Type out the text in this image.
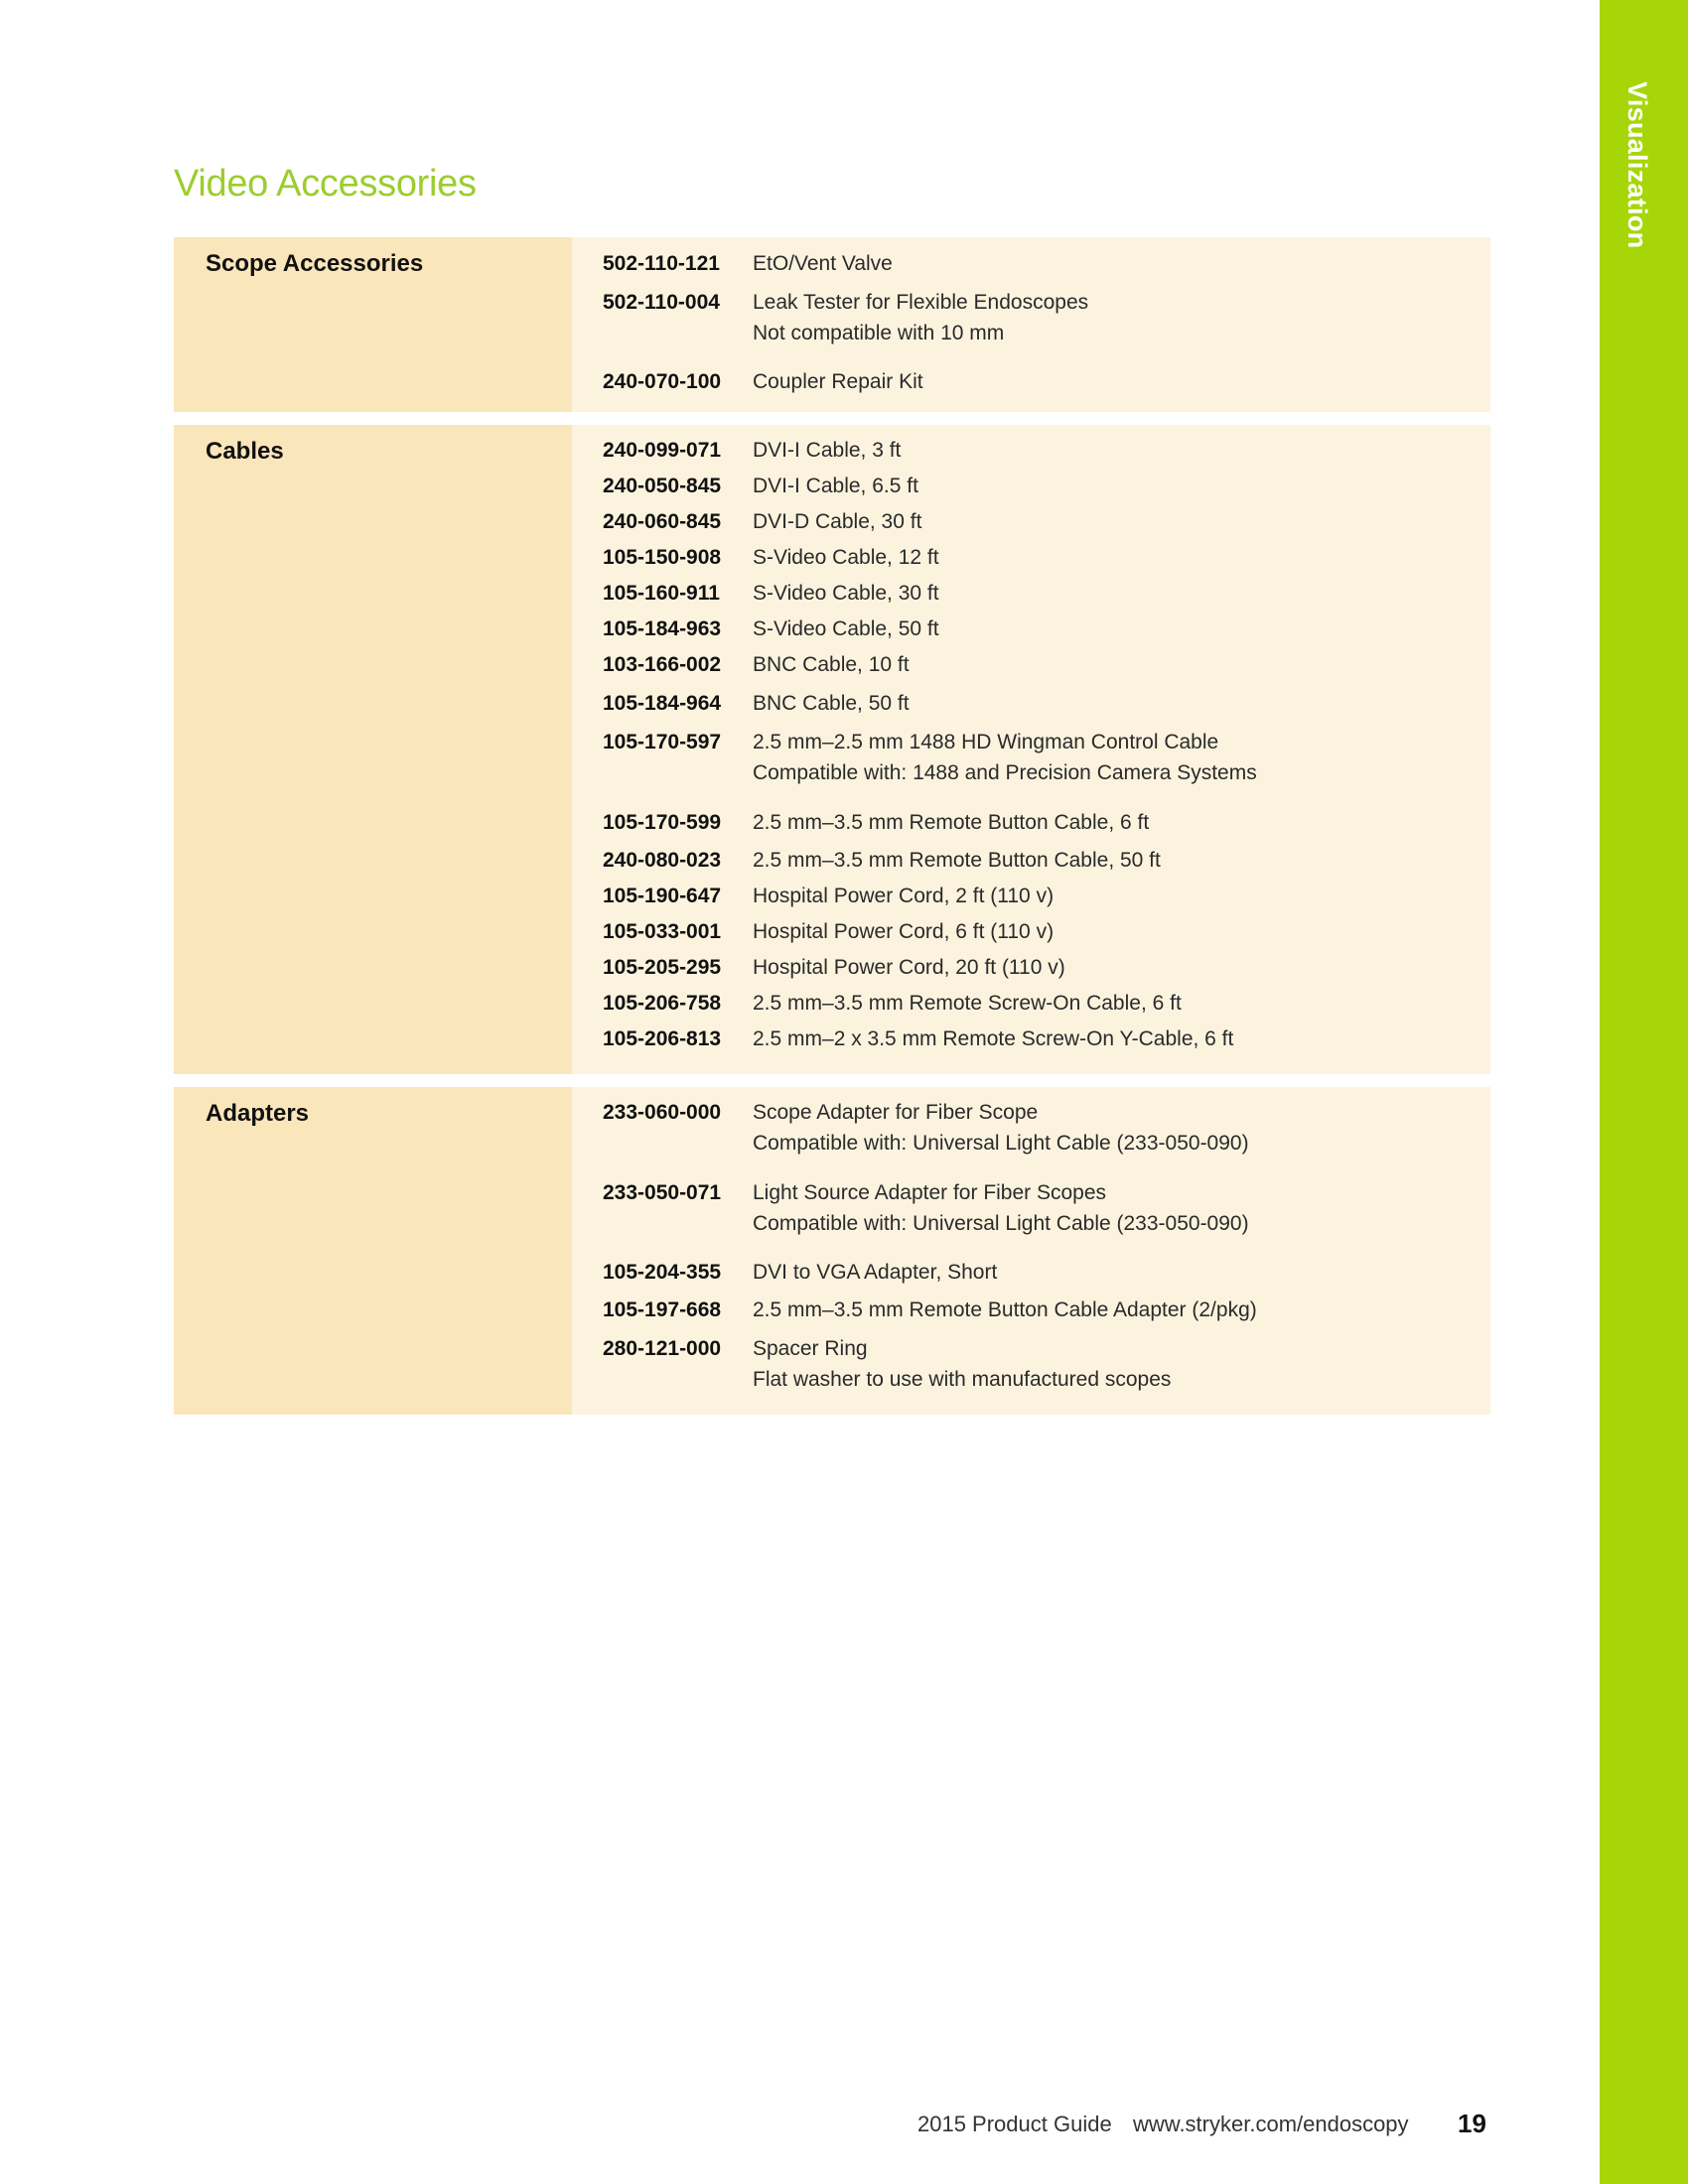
Visualization
Video Accessories
Scope Accessories	502-110-121	EtO/Vent Valve
502-110-004	Leak Tester for Flexible Endoscopes
Not compatible with 10 mm
240-070-100	Coupler Repair Kit
Cables	240-099-071	DVI-I Cable, 3 ft
240-050-845	DVI-I Cable, 6.5 ft
240-060-845	DVI-D Cable, 30 ft
105-150-908	S-Video Cable, 12 ft
105-160-911	S-Video Cable, 30 ft
105-184-963	S-Video Cable, 50 ft
103-166-002	BNC Cable, 10 ft
105-184-964	BNC Cable, 50 ft
105-170-597	2.5 mm–2.5 mm 1488 HD Wingman Control Cable
Compatible with: 1488 and Precision Camera Systems
105-170-599	2.5 mm–3.5 mm Remote Button Cable, 6 ft
240-080-023	2.5 mm–3.5 mm Remote Button Cable, 50 ft
105-190-647	Hospital Power Cord, 2 ft (110 v)
105-033-001	Hospital Power Cord, 6 ft (110 v)
105-205-295	Hospital Power Cord, 20 ft (110 v)
105-206-758	2.5 mm–3.5 mm Remote Screw-On Cable, 6 ft
105-206-813	2.5 mm–2 x 3.5 mm Remote Screw-On Y-Cable, 6 ft
Adapters	233-060-000	Scope Adapter for Fiber Scope
Compatible with: Universal Light Cable (233-050-090)
233-050-071	Light Source Adapter for Fiber Scopes
Compatible with: Universal Light Cable (233-050-090)
105-204-355	DVI to VGA Adapter, Short
105-197-668	2.5 mm–3.5 mm Remote Button Cable Adapter (2/pkg)
280-121-000	Spacer Ring
Flat washer to use with manufactured scopes
2015 Product Guide www.stryker.com/endoscopy 19
